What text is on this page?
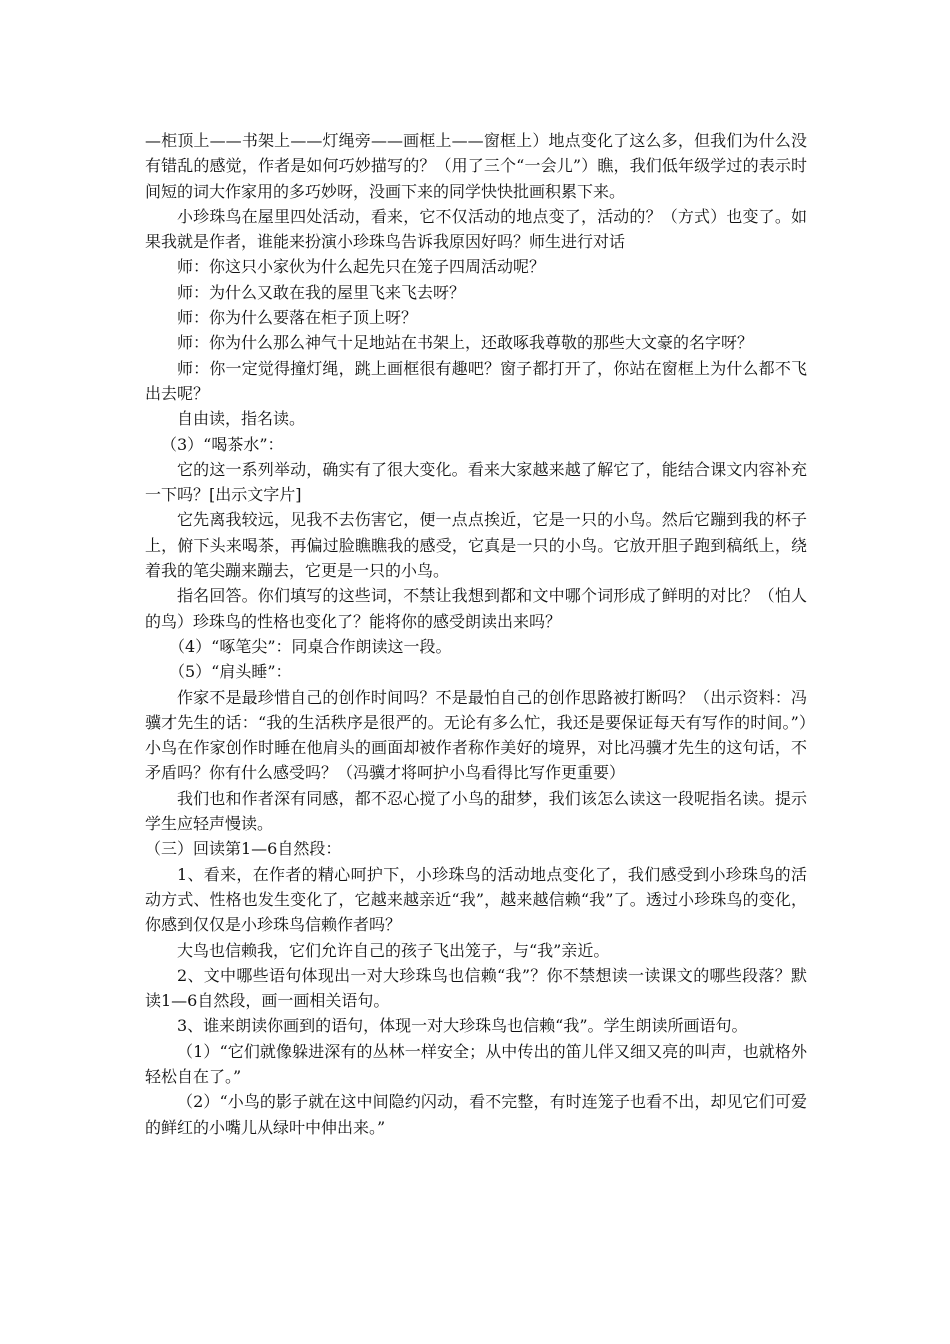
—柜顶上——书架上——灯绳旁——画框上——窗框上）地点变化了这么多，但我们为什么没有错乱的感觉，作者是如何巧妙描写的？（用了三个“一会儿”）瞧，我们低年级学过的表示时间短的词大作家用的多巧妙呀，没画下来的同学快快批画积累下来。

小珍珠鸟在屋里四处活动，看来，它不仅活动的地点变了，活动的？（方式）也变了。如果我就是作者，谁能来扮演小珍珠鸟告诉我原因好吗？师生进行对话

师：你这只小家伙为什么起先只在笼子四周活动呢？

师：为什么又敢在我的屋里飞来飞去呀？

师：你为什么要落在柜子顶上呀？

师：你为什么那么神气十足地站在书架上，还敢啄我尊敬的那些大文豪的名字呀？

师：你一定觉得撞灯绳，跳上画框很有趣吧？窗子都打开了，你站在窗框上为什么都不飞出去呢？

自由读，指名读。

（3）“喝茶水”：

它的这一系列举动，确实有了很大变化。看来大家越来越了解它了，能结合课文内容补充一下吗？[出示文字片]

它先离我较远，见我不去伤害它，便一点点挨近，它是一只的小鸟。然后它蹦到我的杯子上，俯下头来喝茶，再偏过脸瞧瞧我的感受，它真是一只的小鸟。它放开胆子跑到稿纸上，绕着我的笔尖蹦来蹦去，它更是一只的小鸟。

指名回答。你们填写的这些词，不禁让我想到都和文中哪个词形成了鲜明的对比？（怕人的鸟）珍珠鸟的性格也变化了？能将你的感受朗读出来吗？

（4）“啄笔尖”：同桌合作朗读这一段。

（5）“肩头睡”：

作家不是最珍惜自己的创作时间吗？不是最怕自己的创作思路被打断吗？（出示资料：冯骥才先生的话：“我的生活秩序是很严的。无论有多么忙，我还是要保证每天有写作的时间。”）小鸟在作家创作时睡在他肩头的画面却被作者称作美好的境界，对比冯骥才先生的这句话，不矛盾吗？你有什么感受吗？（冯骥才将呵护小鸟看得比写作更重要）

我们也和作者深有同感，都不忍心搅了小鸟的甜梦，我们该怎么读这一段呢指名读。提示学生应轻声慢读。

（三）回读第1—6自然段：

1、看来，在作者的精心呵护下，小珍珠鸟的活动地点变化了，我们感受到小珍珠鸟的活动方式、性格也发生变化了，它越来越亲近“我”，越来越信赖“我”了。透过小珍珠鸟的变化，你感到仅仅是小珍珠鸟信赖作者吗？

大鸟也信赖我，它们允许自己的孩子飞出笼子，与“我”亲近。

2、文中哪些语句体现出一对大珍珠鸟也信赖“我”？你不禁想读一读课文的哪些段落？默读1—6自然段，画一画相关语句。

3、谁来朗读你画到的语句，体现一对大珍珠鸟也信赖“我”。学生朗读所画语句。

（1）“它们就像躲进深有的丛林一样安全；从中传出的笛儿伴又细又亮的叫声，也就格外轻松自在了。”

（2）“小鸟的影子就在这中间隐约闪动，看不完整，有时连笼子也看不出，却见它们可爱的鲜红的小嘴儿从绿叶中伸出来。”
